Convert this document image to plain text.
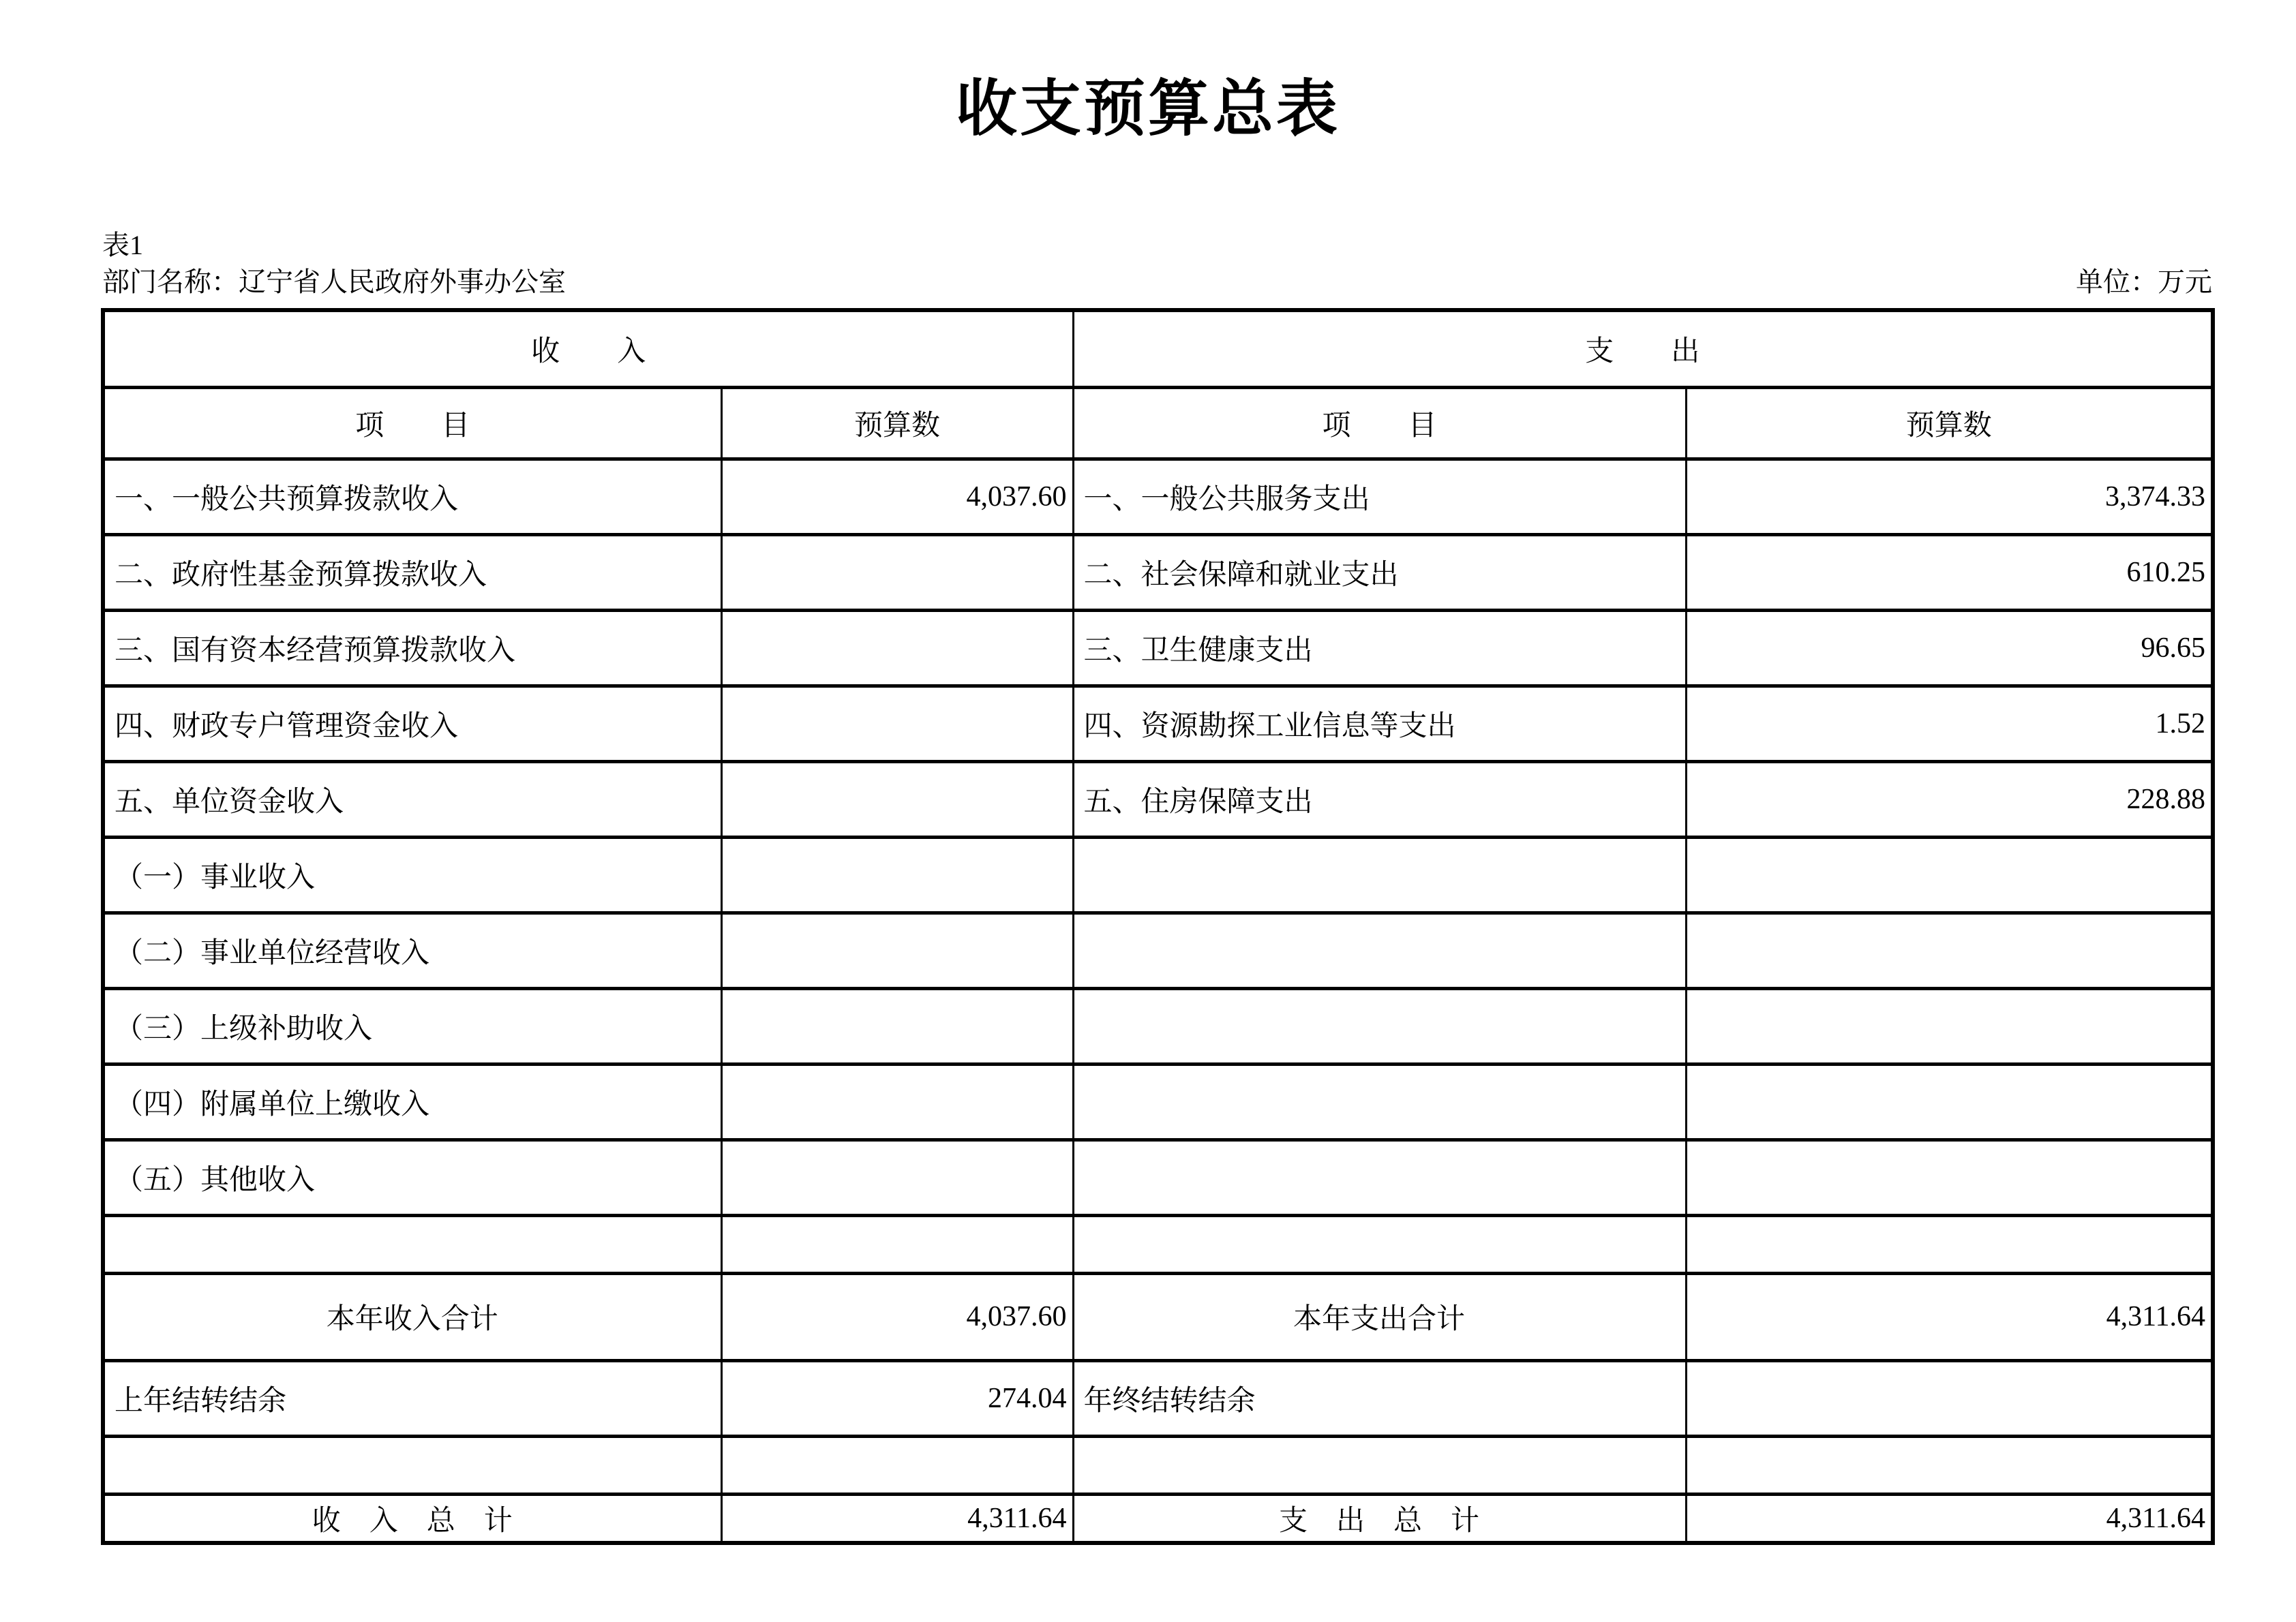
收支预算总表
表1
部门名称：辽宁省人民政府外事办公室	单位：万元
收　　入		支　　出	
项　　目	预算数	项　　目	预算数
一、一般公共预算拨款收入	4,037.60	一、一般公共服务支出	3,374.33
二、政府性基金预算拨款收入		二、社会保障和就业支出	610.25
三、国有资本经营预算拨款收入		三、卫生健康支出	96.65
四、财政专户管理资金收入		四、资源勘探工业信息等支出	1.52
五、单位资金收入		五、住房保障支出	228.88
（一）事业收入			
（二）事业单位经营收入			
（三）上级补助收入			
（四）附属单位上缴收入			
（五）其他收入			

本年收入合计	4,037.60	本年支出合计	4,311.64
上年结转结余	274.04	年终结转结余	

收　入　总　计	4,311.64	支　出　总　计	4,311.64
